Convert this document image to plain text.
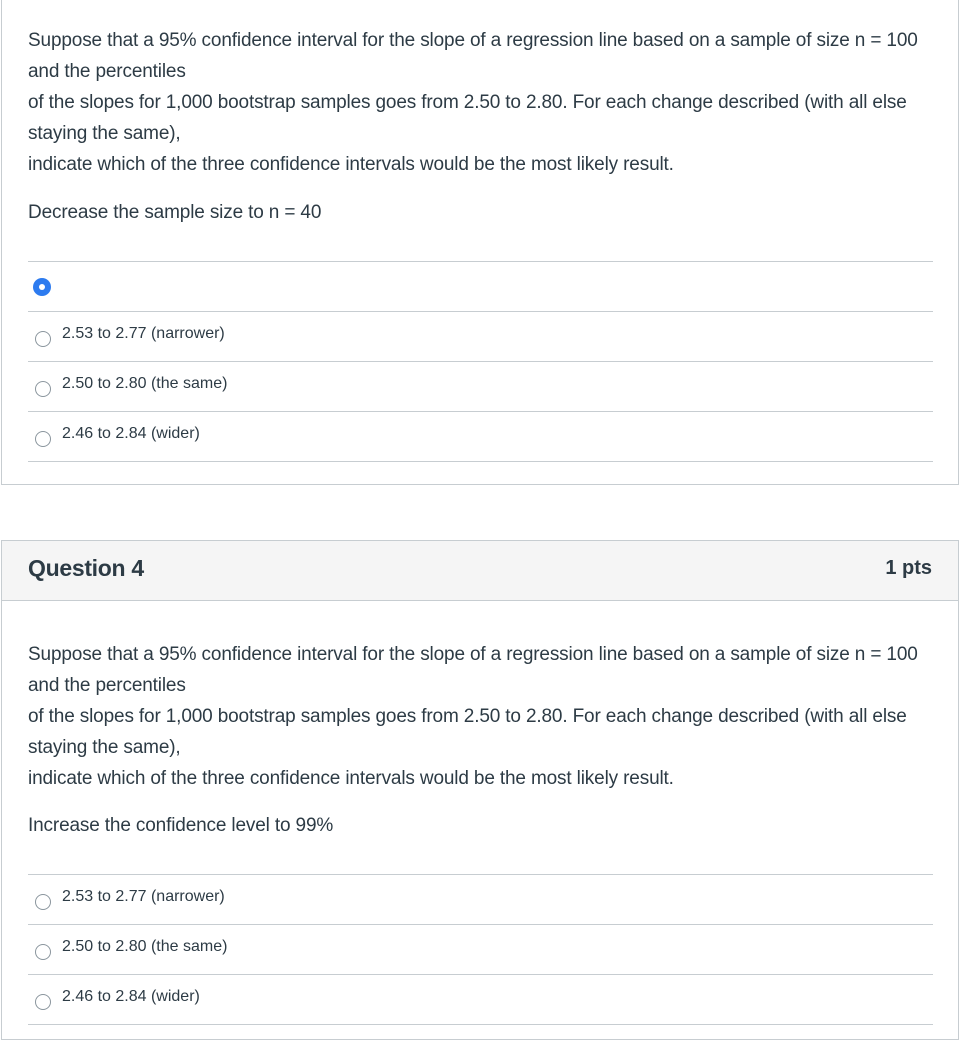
Suppose that a 95% confidence interval for the slope of a regression line based on a sample of size n = 100 and the percentiles

of the slopes for 1,000 bootstrap samples goes from 2.50 to 2.80. For each change described (with all else staying the same),

indicate which of the three confidence intervals would be the most likely result.

Decrease the sample size to n = 40
2.53 to 2.77 (narrower)
2.50 to 2.80 (the same)
2.46 to 2.84 (wider)
Question 4	1 pts

Suppose that a 95% confidence interval for the slope of a regression line based on a sample of size n = 100 and the percentiles

of the slopes for 1,000 bootstrap samples goes from 2.50 to 2.80. For each change described (with all else staying the same),

indicate which of the three confidence intervals would be the most likely result.

Increase the confidence level to 99%
2.53 to 2.77 (narrower)
2.50 to 2.80 (the same)
2.46 to 2.84 (wider)
